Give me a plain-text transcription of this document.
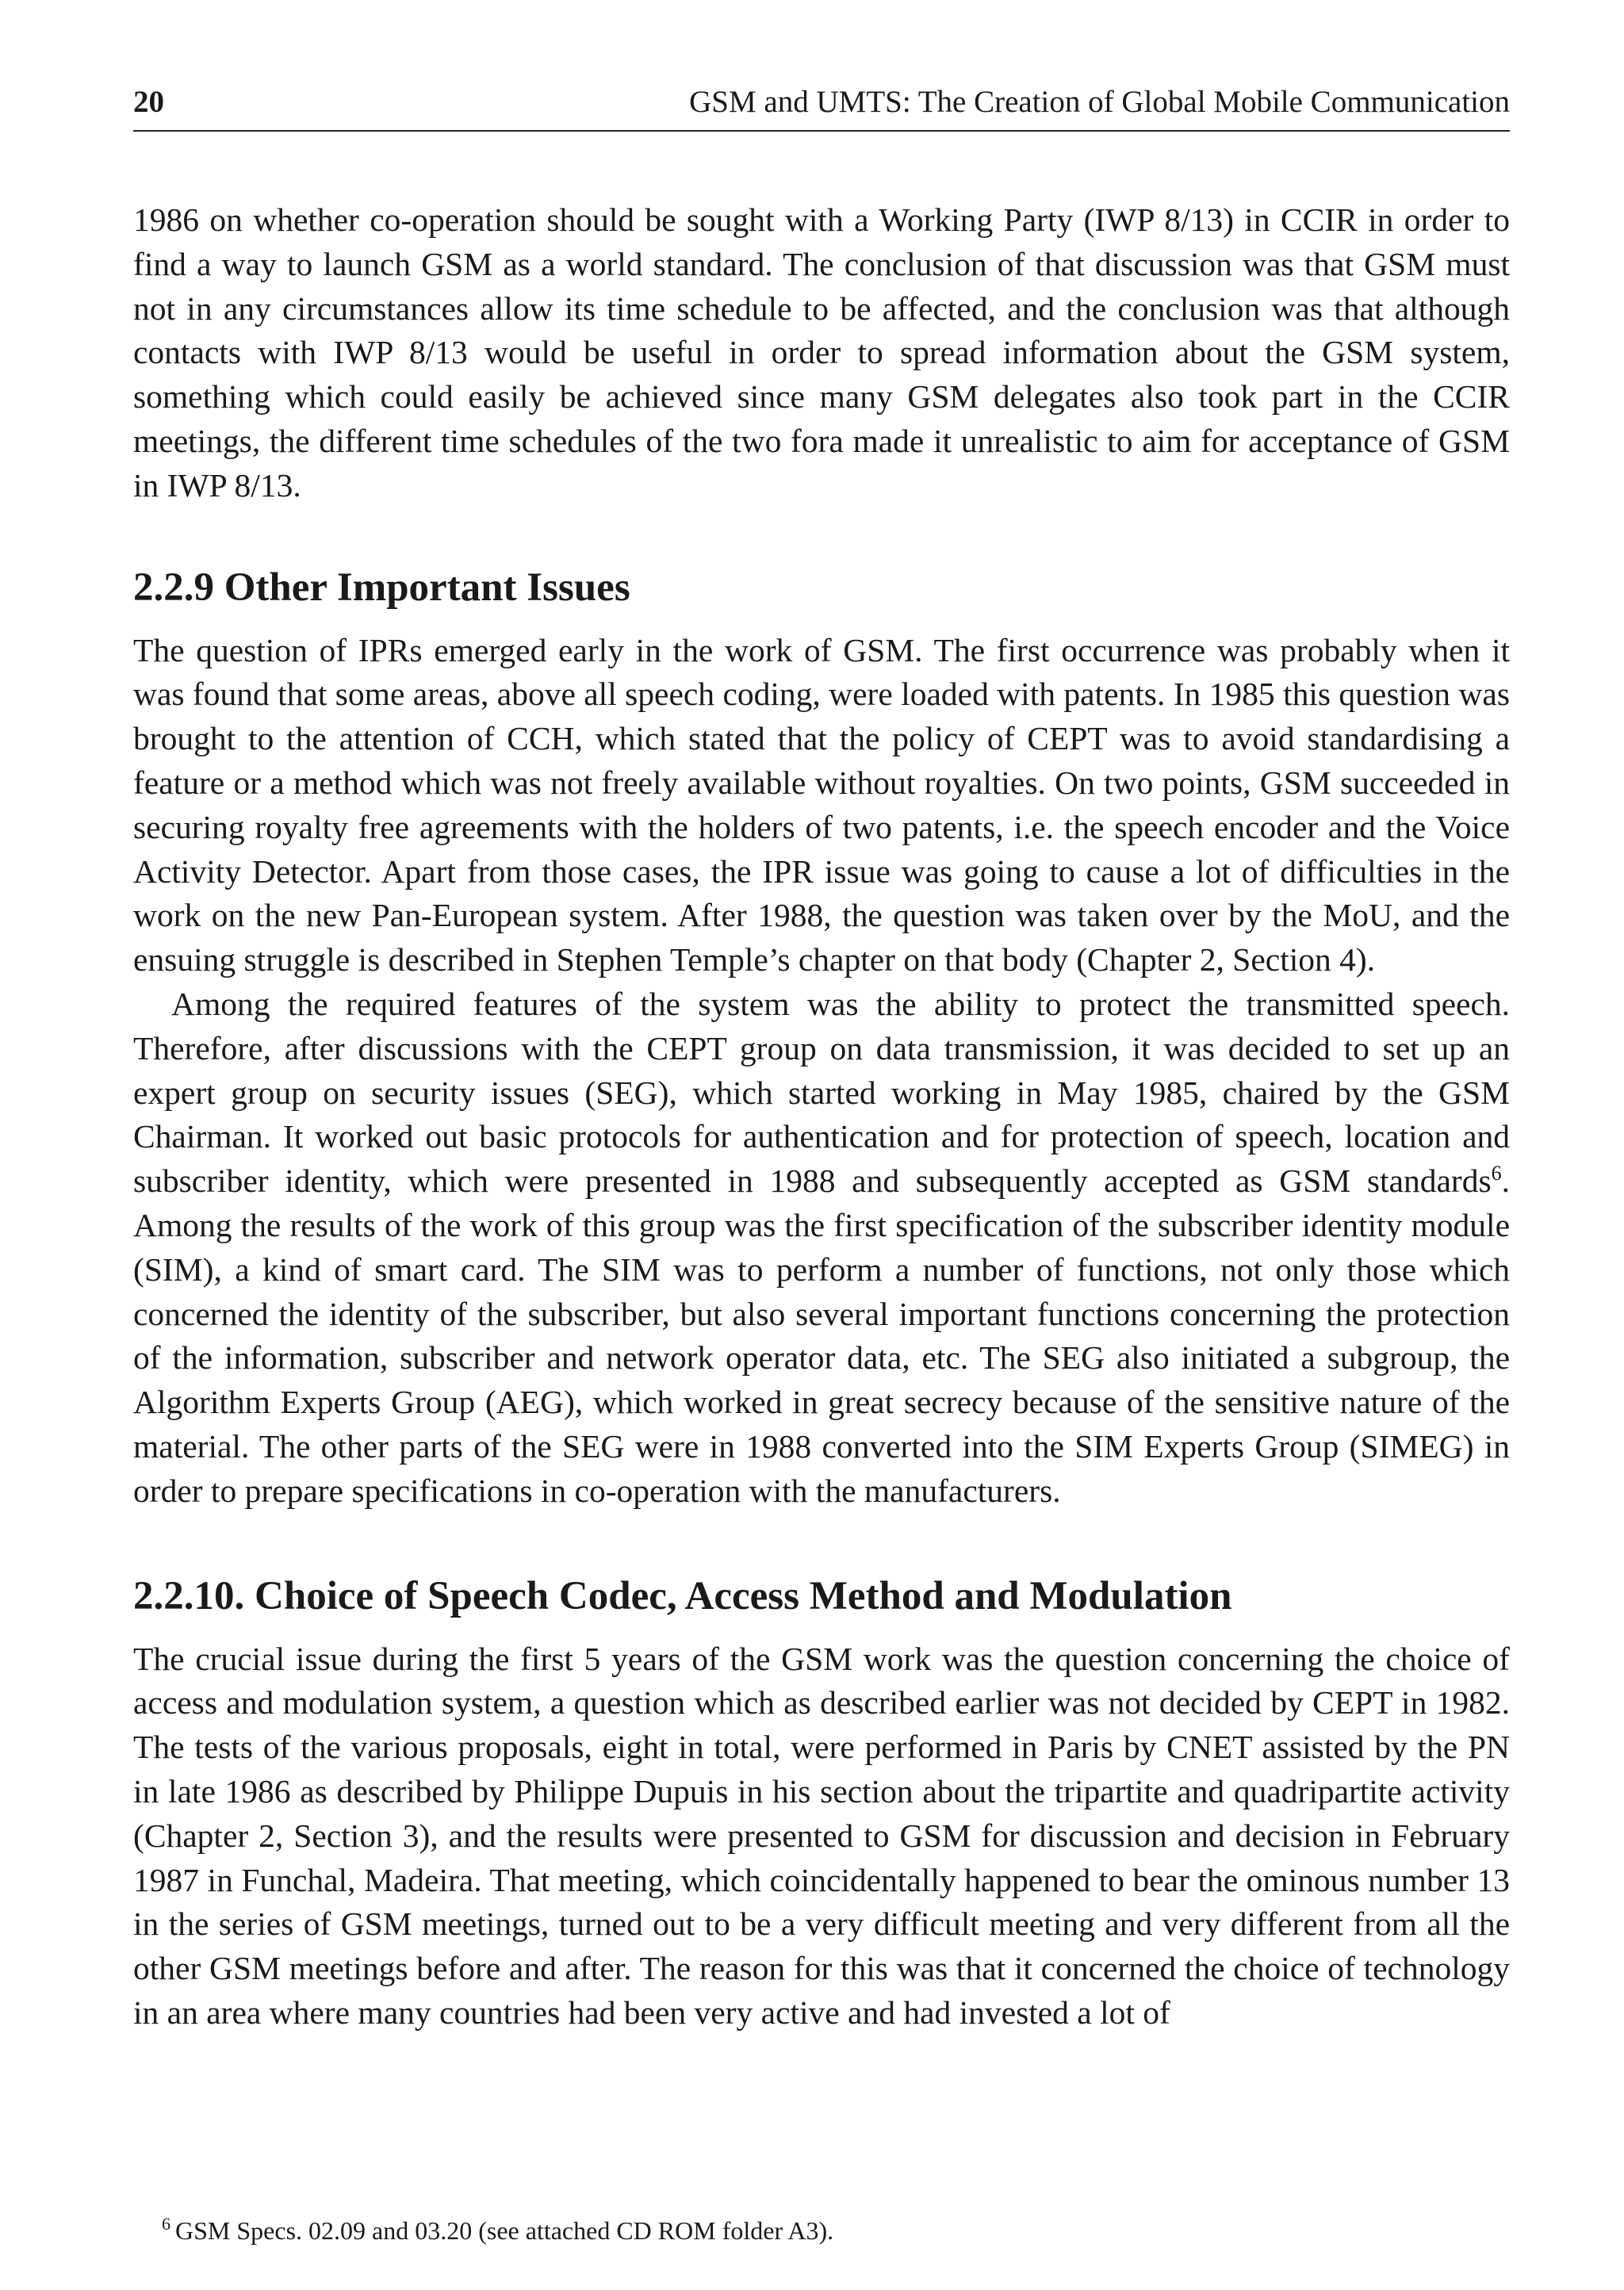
20	GSM and UMTS: The Creation of Global Mobile Communication

1986 on whether co-operation should be sought with a Working Party (IWP 8/13) in CCIR in order to find a way to launch GSM as a world standard. The conclusion of that discussion was that GSM must not in any circumstances allow its time schedule to be affected, and the conclusion was that although contacts with IWP 8/13 would be useful in order to spread information about the GSM system, something which could easily be achieved since many GSM delegates also took part in the CCIR meetings, the different time schedules of the two fora made it unrealistic to aim for acceptance of GSM in IWP 8/13.

2.2.9 Other Important Issues

The question of IPRs emerged early in the work of GSM. The first occurrence was probably when it was found that some areas, above all speech coding, were loaded with patents. In 1985 this question was brought to the attention of CCH, which stated that the policy of CEPT was to avoid standardising a feature or a method which was not freely available without royalties. On two points, GSM succeeded in securing royalty free agreements with the holders of two patents, i.e. the speech encoder and the Voice Activity Detector. Apart from those cases, the IPR issue was going to cause a lot of difficulties in the work on the new Pan-European system. After 1988, the question was taken over by the MoU, and the ensuing struggle is described in Stephen Temple’s chapter on that body (Chapter 2, Section 4).

Among the required features of the system was the ability to protect the transmitted speech. Therefore, after discussions with the CEPT group on data transmission, it was decided to set up an expert group on security issues (SEG), which started working in May 1985, chaired by the GSM Chairman. It worked out basic protocols for authentication and for protection of speech, location and subscriber identity, which were presented in 1988 and subsequently accepted as GSM standards$^6$. Among the results of the work of this group was the first specification of the subscriber identity module (SIM), a kind of smart card. The SIM was to perform a number of functions, not only those which concerned the identity of the subscriber, but also several important functions concerning the protection of the information, subscriber and network operator data, etc. The SEG also initiated a subgroup, the Algorithm Experts Group (AEG), which worked in great secrecy because of the sensitive nature of the material. The other parts of the SEG were in 1988 converted into the SIM Experts Group (SIMEG) in order to prepare specifications in co-operation with the manufacturers.

2.2.10. Choice of Speech Codec, Access Method and Modulation

The crucial issue during the first 5 years of the GSM work was the question concerning the choice of access and modulation system, a question which as described earlier was not decided by CEPT in 1982. The tests of the various proposals, eight in total, were performed in Paris by CNET assisted by the PN in late 1986 as described by Philippe Dupuis in his section about the tripartite and quadripartite activity (Chapter 2, Section 3), and the results were presented to GSM for discussion and decision in February 1987 in Funchal, Madeira. That meeting, which coincidentally happened to bear the ominous number 13 in the series of GSM meetings, turned out to be a very difficult meeting and very different from all the other GSM meetings before and after. The reason for this was that it concerned the choice of technology in an area where many countries had been very active and had invested a lot of

$^6$ GSM Specs. 02.09 and 03.20 (see attached CD ROM folder A3).
